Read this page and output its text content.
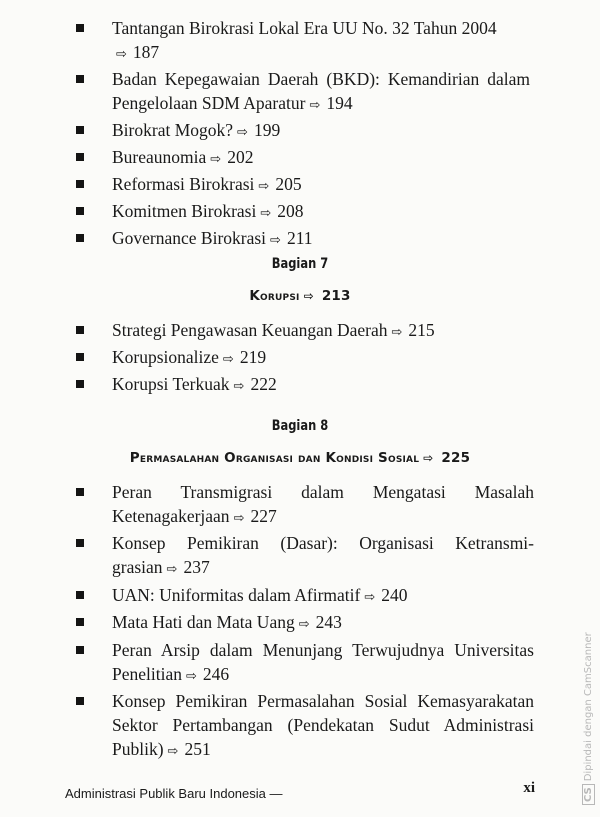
Tantangan Birokrasi Lokal Era UU No. 32 Tahun 2004
⇨ 187
Badan Kepegawaian Daerah (BKD): Kemandirian dalam Pengelolaan SDM Aparatur ⇨ 194
Birokrat Mogok? ⇨ 199
Bureaunomia ⇨ 202
Reformasi Birokrasi ⇨ 205
Komitmen Birokrasi ⇨ 208
Governance Birokrasi ⇨ 211
Bagian 7
Korupsi ⇨ 213
Strategi Pengawasan Keuangan Daerah ⇨ 215
Korupsionalize ⇨ 219
Korupsi Terkuak ⇨ 222
Bagian 8
Permasalahan Organisasi dan Kondisi Sosial ⇨ 225
Peran Transmigrasi dalam Mengatasi Masalah Ketenagakerjaan ⇨ 227
Konsep Pemikiran (Dasar): Organisasi Ketransmi-grasian ⇨ 237
UAN: Uniformitas dalam Afirmatif ⇨ 240
Mata Hati dan Mata Uang ⇨ 243
Peran Arsip dalam Menunjang Terwujudnya Universitas Penelitian ⇨ 246
Konsep Pemikiran Permasalahan Sosial Kemasyarakatan Sektor Pertambangan (Pendekatan Sudut Administrasi Publik) ⇨ 251
Administrasi Publik Baru Indonesia —	xi	CSDipindai dengan CamScanner
